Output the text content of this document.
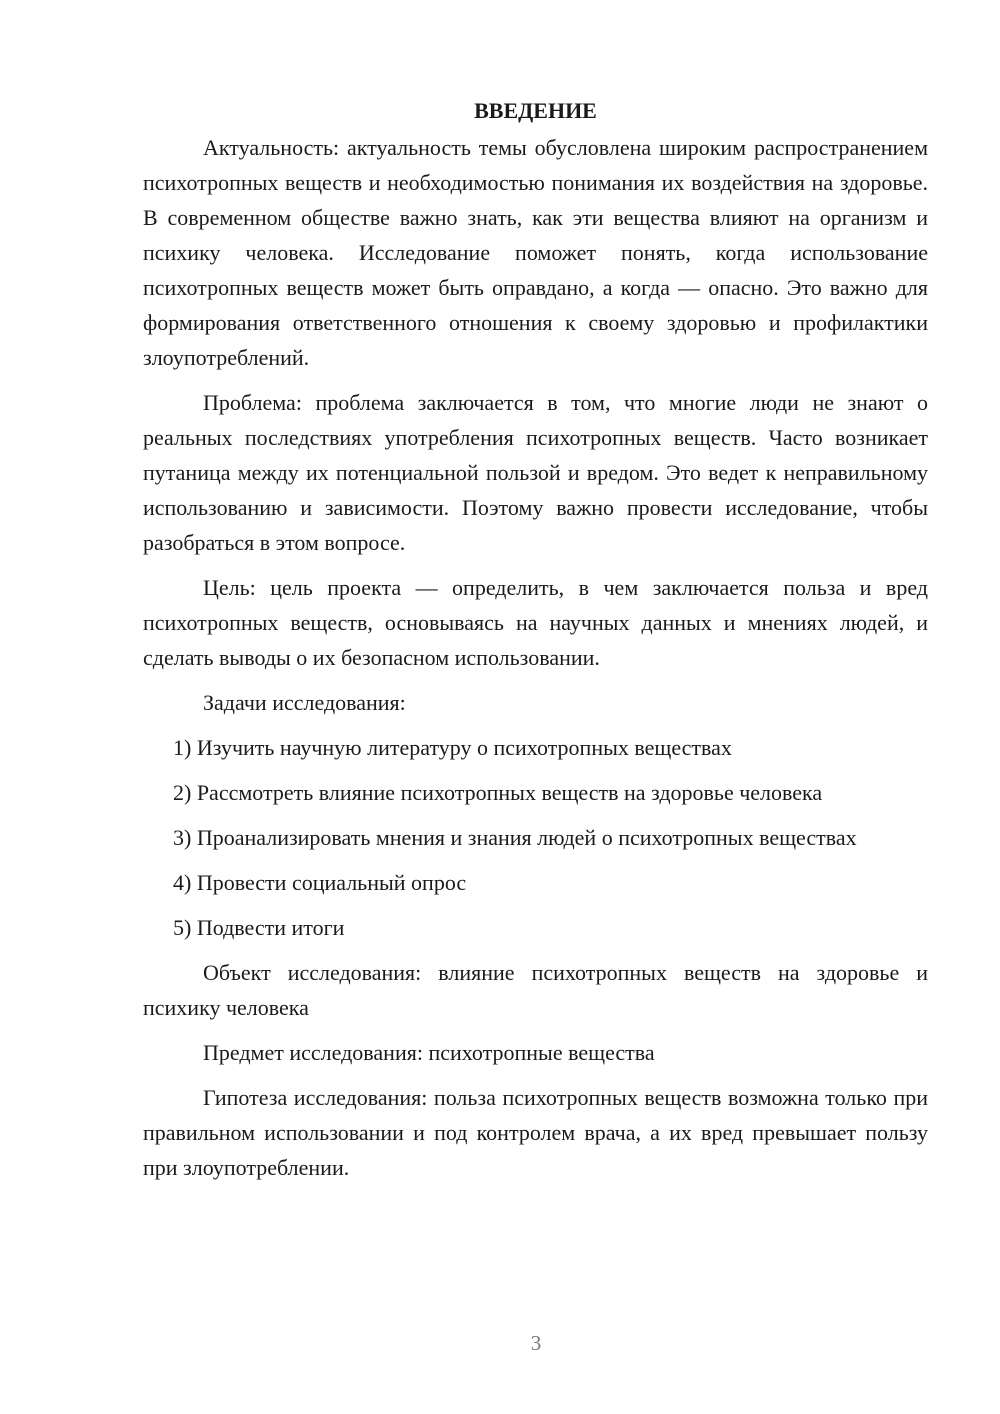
ВВЕДЕНИЕ

Актуальность: актуальность темы обусловлена широким распространением психотропных веществ и необходимостью понимания их воздействия на здоровье. В современном обществе важно знать, как эти вещества влияют на организм и психику человека. Исследование поможет понять, когда использование психотропных веществ может быть оправдано, а когда — опасно. Это важно для формирования ответственного отношения к своему здоровью и профилактики злоупотреблений.

Проблема: проблема заключается в том, что многие люди не знают о реальных последствиях употребления психотропных веществ. Часто возникает путаница между их потенциальной пользой и вредом. Это ведет к неправильному использованию и зависимости. Поэтому важно провести исследование, чтобы разобраться в этом вопросе.

Цель: цель проекта — определить, в чем заключается польза и вред психотропных веществ, основываясь на научных данных и мнениях людей, и сделать выводы о их безопасном использовании.

Задачи исследования:

1) Изучить научную литературу о психотропных веществах

2) Рассмотреть влияние психотропных веществ на здоровье человека

3) Проанализировать мнения и знания людей о психотропных веществах

4) Провести социальный опрос

5) Подвести итоги

Объект исследования: влияние психотропных веществ на здоровье и психику человека

Предмет исследования: психотропные вещества

Гипотеза исследования: польза психотропных веществ возможна только при правильном использовании и под контролем врача, а их вред превышает пользу при злоупотреблении.

3
